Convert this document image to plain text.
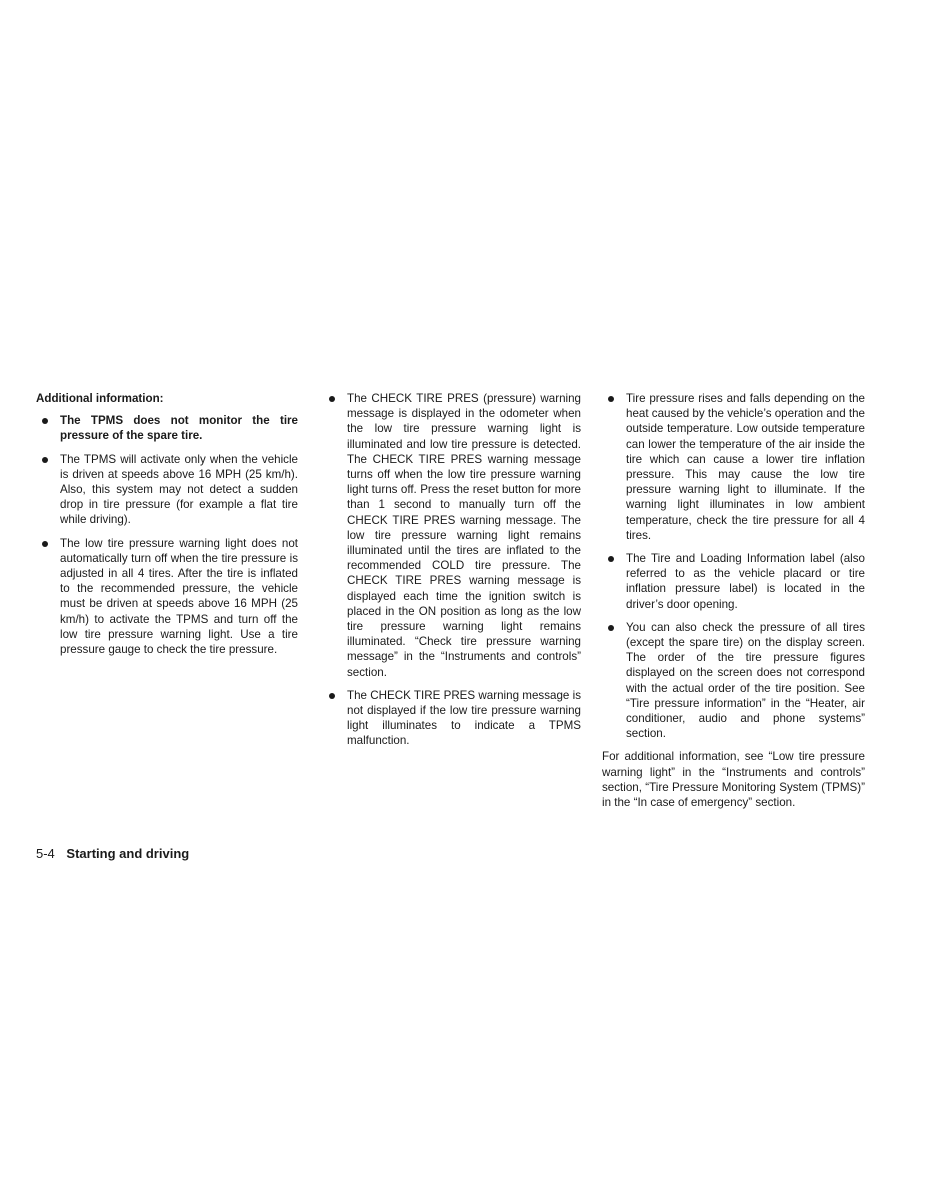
Additional information:
The TPMS does not monitor the tire pressure of the spare tire.
The TPMS will activate only when the vehicle is driven at speeds above 16 MPH (25 km/h). Also, this system may not detect a sudden drop in tire pressure (for example a flat tire while driving).
The low tire pressure warning light does not automatically turn off when the tire pressure is adjusted in all 4 tires. After the tire is inflated to the recommended pressure, the vehicle must be driven at speeds above 16 MPH (25 km/h) to activate the TPMS and turn off the low tire pressure warning light. Use a tire pressure gauge to check the tire pressure.
The CHECK TIRE PRES (pressure) warning message is displayed in the odometer when the low tire pressure warning light is illuminated and low tire pressure is detected. The CHECK TIRE PRES warning message turns off when the low tire pressure warning light turns off. Press the reset button for more than 1 second to manually turn off the CHECK TIRE PRES warning message. The low tire pressure warning light remains illuminated until the tires are inflated to the recommended COLD tire pressure. The CHECK TIRE PRES warning message is displayed each time the ignition switch is placed in the ON position as long as the low tire pressure warning light remains illuminated. “Check tire pressure warning message” in the “Instruments and controls” section.
The CHECK TIRE PRES warning message is not displayed if the low tire pressure warning light illuminates to indicate a TPMS malfunction.
Tire pressure rises and falls depending on the heat caused by the vehicle’s operation and the outside temperature. Low outside temperature can lower the temperature of the air inside the tire which can cause a lower tire inflation pressure. This may cause the low tire pressure warning light to illuminate. If the warning light illuminates in low ambient temperature, check the tire pressure for all 4 tires.
The Tire and Loading Information label (also referred to as the vehicle placard or tire inflation pressure label) is located in the driver’s door opening.
You can also check the pressure of all tires (except the spare tire) on the display screen. The order of the tire pressure figures displayed on the screen does not correspond with the actual order of the tire position. See “Tire pressure information” in the “Heater, air conditioner, audio and phone systems” section.

For additional information, see “Low tire pressure warning light” in the “Instruments and controls” section, “Tire Pressure Monitoring System (TPMS)” in the “In case of emergency” section.

5-4 Starting and driving
